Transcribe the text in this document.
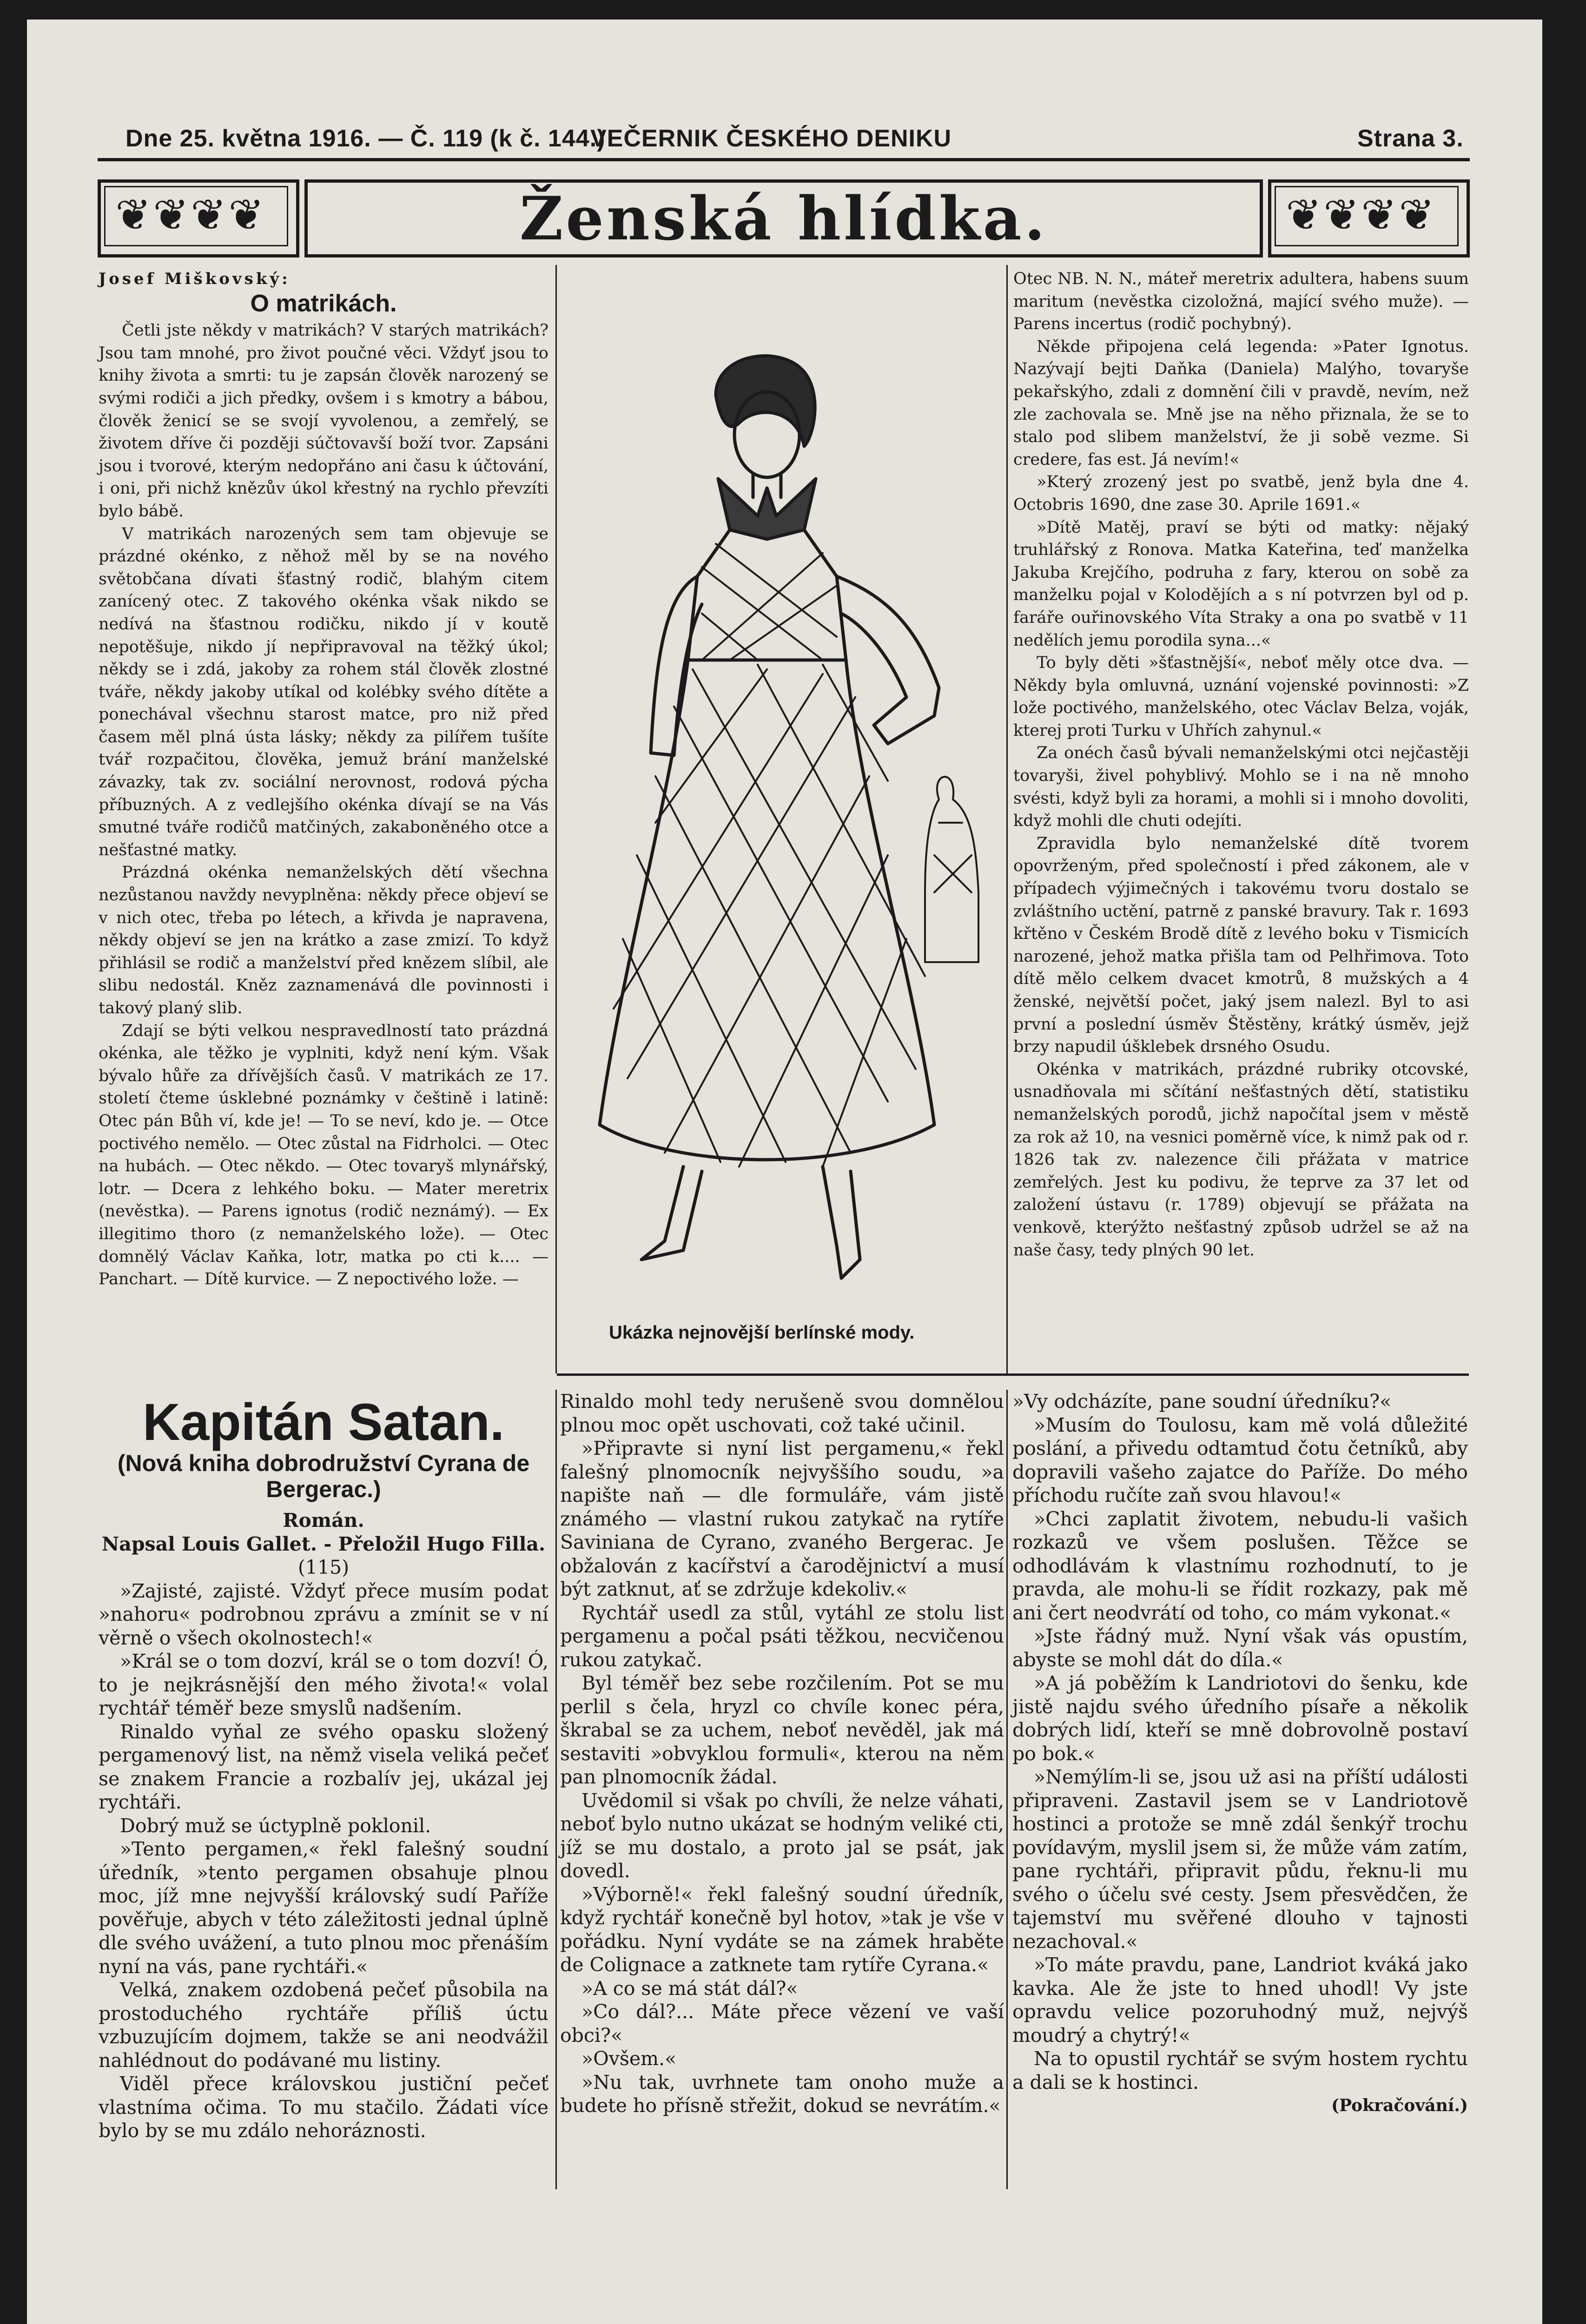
Dne 25. května 1916. — Č. 119 (k č. 144.)
VEČERNIK ČESKÉHO DENIKU	Strana 3.
❦❦❦❦	Ženská hlídka.	❦❦❦❦
Josef Miškovský:
O matrikách.

Četli jste někdy v matrikách? V starých matrikách? Jsou tam mnohé, pro život poučné věci. Vždyť jsou to knihy života a smrti: tu je zapsán člověk narozený se svými rodiči a jich předky, ovšem i s kmotry a bábou, člověk ženicí se se svojí vyvolenou, a zemřelý, se životem dříve či později súčtovavší boží tvor. Zapsáni jsou i tvorové, kterým nedopřáno ani času k účtování, i oni, při nichž knězův úkol křestný na rychlo převzíti bylo bábě.

V matrikách narozených sem tam objevuje se prázdné okénko, z něhož měl by se na nového světobčana dívati šťastný rodič, blahým citem zanícený otec. Z takového okénka však nikdo se nedívá na šťastnou rodičku, nikdo jí v koutě nepotěšuje, nikdo jí nepřipravoval na těžký úkol; někdy se i zdá, jakoby za rohem stál člověk zlostné tváře, někdy jakoby utíkal od kolébky svého dítěte a ponechával všechnu starost matce, pro niž před časem měl plná ústa lásky; někdy za pilířem tušíte tvář rozpačitou, člověka, jemuž brání manželské závazky, tak zv. sociální nerovnost, rodová pýcha příbuzných. A z vedlejšího okénka dívají se na Vás smutné tváře rodičů matčiných, zakaboněného otce a nešťastné matky.

Prázdná okénka nemanželských dětí všechna nezůstanou navždy nevyplněna: někdy přece objeví se v nich otec, třeba po létech, a křivda je napravena, někdy objeví se jen na krátko a zase zmizí. To když přihlásil se rodič a manželství před knězem slíbil, ale slibu nedostál. Kněz zaznamenává dle povinnosti i takový planý slib.

Zdají se býti velkou nespravedlností tato prázdná okénka, ale těžko je vyplniti, když není kým. Však bývalo hůře za dřívějších časů. V matrikách ze 17. století čteme úsklebné poznámky v češtině i latině: Otec pán Bůh ví, kde je! — To se neví, kdo je. — Otce poctivého nemělo. — Otec zůstal na Fidrholci. — Otec na hubách. — Otec někdo. — Otec tovaryš mlynářský, lotr. — Dcera z lehkého boku. — Mater meretrix (nevěstka). — Parens ignotus (rodič neznámý). — Ex illegitimo thoro (z nemanželského lože). — Otec domnělý Václav Kaňka, lotr, matka po cti k.... — Panchart. — Dítě kurvice. — Z nepoctivého lože. —

Ukázka nejnovější berlínské mody.

Otec NB. N. N., máteř meretrix adultera, habens suum maritum (nevěstka cizoložná, mající svého muže). — Parens incertus (rodič pochybný).

Někde připojena celá legenda: »Pater Ignotus. Nazývají bejti Daňka (Daniela) Malýho, tovaryše pekařskýho, zdali z domnění čili v pravdě, nevím, než zle zachovala se. Mně jse na něho přiznala, že se to stalo pod slibem manželství, že ji sobě vezme. Si credere, fas est. Já nevím!«

»Který zrozený jest po svatbě, jenž byla dne 4. Octobris 1690, dne zase 30. Aprile 1691.«

»Dítě Matěj, praví se býti od matky: nějaký truhlářský z Ronova. Matka Kateřina, teď manželka Jakuba Krejčího, podruha z fary, kterou on sobě za manželku pojal v Kolodějích a s ní potvrzen byl od p. faráře ouřinovského Víta Straky a ona po svatbě v 11 nedělích jemu porodila syna...«

To byly děti »šťastnější«, neboť měly otce dva. — Někdy byla omluvná, uznání vojenské povinnosti: »Z lože poctivého, manželského, otec Václav Belza, voják, kterej proti Turku v Uhřích zahynul.«

Za onéch časů bývali nemanželskými otci nejčastěji tovaryši, živel pohyblivý. Mohlo se i na ně mnoho svésti, když byli za horami, a mohli si i mnoho dovoliti, když mohli dle chuti odejíti.

Zpravidla bylo nemanželské dítě tvorem opovrženým, před společností i před zákonem, ale v případech výjimečných i takovému tvoru dostalo se zvláštního uctění, patrně z panské bravury. Tak r. 1693 křtěno v Českém Brodě dítě z levého boku v Tismicích narozené, jehož matka přišla tam od Pelhřimova. Toto dítě mělo celkem dvacet kmotrů, 8 mužských a 4 ženské, největší počet, jaký jsem nalezl. Byl to asi první a poslední úsměv Štěstěny, krátký úsměv, jejž brzy napudil úšklebek drsného Osudu.

Okénka v matrikách, prázdné rubriky otcovské, usnadňovala mi sčítání nešťastných dětí, statistiku nemanželských porodů, jichž napočítal jsem v městě za rok až 10, na vesnici poměrně více, k nimž pak od r. 1826 tak zv. nalezence čili přážata v matrice zemřelých. Jest ku podivu, že teprve za 37 let od založení ústavu (r. 1789) objevují se přážata na venkově, kterýžto nešťastný způsob udržel se až na naše časy, tedy plných 90 let.

Kapitán Satan.
(Nová kniha dobrodružství Cyrana de Bergerac.)

Román.

Napsal Louis Gallet. - Přeložil Hugo Filla.

(115)

»Zajisté, zajisté. Vždyť přece musím podat »nahoru« podrobnou zprávu a zmínit se v ní věrně o všech okolnostech!«

»Král se o tom dozví, král se o tom dozví! Ó, to je nejkrásnější den mého života!« volal rychtář téměř beze smyslů nadšením.

Rinaldo vyňal ze svého opasku složený pergamenový list, na němž visela veliká pečeť se znakem Francie a rozbalív jej, ukázal jej rychtáři.

Dobrý muž se úctyplně poklonil.

»Tento pergamen,« řekl falešný soudní úředník, »tento pergamen obsahuje plnou moc, jíž mne nejvyšší královský sudí Paříže pověřuje, abych v této záležitosti jednal úplně dle svého uvážení, a tuto plnou moc přenáším nyní na vás, pane rychtáři.«

Velká, znakem ozdobená pečeť působila na prostoduchého rychtáře příliš úctu vzbuzujícím dojmem, takže se ani neodvážil nahlédnout do podávané mu listiny.

Viděl přece královskou justiční pečeť vlastníma očima. To mu stačilo. Žádati více bylo by se mu zdálo nehoráznosti.

Rinaldo mohl tedy nerušeně svou domnělou plnou moc opět uschovati, což také učinil.

»Připravte si nyní list pergamenu,« řekl falešný plnomocník nejvyššího soudu, »a napište naň — dle formuláře, vám jistě známého — vlastní rukou zatykač na rytíře Saviniana de Cyrano, zvaného Bergerac. Je obžalován z kacířství a čarodějnictví a musí být zatknut, ať se zdržuje kdekoliv.«

Rychtář usedl za stůl, vytáhl ze stolu list pergamenu a počal psáti těžkou, necvičenou rukou zatykač.

Byl téměř bez sebe rozčilením. Pot se mu perlil s čela, hryzl co chvíle konec péra, škrabal se za uchem, neboť nevěděl, jak má sestaviti »obvyklou formuli«, kterou na něm pan plnomocník žádal.

Uvědomil si však po chvíli, že nelze váhati, neboť bylo nutno ukázat se hodným veliké cti, jíž se mu dostalo, a proto jal se psát, jak dovedl.

»Výborně!« řekl falešný soudní úředník, když rychtář konečně byl hotov, »tak je vše v pořádku. Nyní vydáte se na zámek hraběte de Colignace a zatknete tam rytíře Cyrana.«

»A co se má stát dál?«

»Co dál?... Máte přece vězení ve vaší obci?«

»Ovšem.«

»Nu tak, uvrhnete tam onoho muže a budete ho přísně střežit, dokud se nevrátím.«

»Vy odcházíte, pane soudní úředníku?«

»Musím do Toulosu, kam mě volá důležité poslání, a přivedu odtamtud čotu četníků, aby dopravili vašeho zajatce do Paříže. Do mého příchodu ručíte zaň svou hlavou!«

»Chci zaplatit životem, nebudu-li vašich rozkazů ve všem poslušen. Těžce se odhodlávám k vlastnímu rozhodnutí, to je pravda, ale mohu-li se řídit rozkazy, pak mě ani čert neodvrátí od toho, co mám vykonat.«

»Jste řádný muž. Nyní však vás opustím, abyste se mohl dát do díla.«

»A já poběžím k Landriotovi do šenku, kde jistě najdu svého úředního písaře a několik dobrých lidí, kteří se mně dobrovolně postaví po bok.«

»Nemýlím-li se, jsou už asi na příští události připraveni. Zastavil jsem se v Landriotově hostinci a protože se mně zdál šenkýř trochu povídavým, myslil jsem si, že může vám zatím, pane rychtáři, připravit půdu, řeknu-li mu svého o účelu své cesty. Jsem přesvědčen, že tajemství mu svěřené dlouho v tajnosti nezachoval.«

»To máte pravdu, pane, Landriot kváká jako kavka. Ale že jste to hned uhodl! Vy jste opravdu velice pozoruhodný muž, nejvýš moudrý a chytrý!«

Na to opustil rychtář se svým hostem rychtu a dali se k hostinci.

(Pokračování.)
